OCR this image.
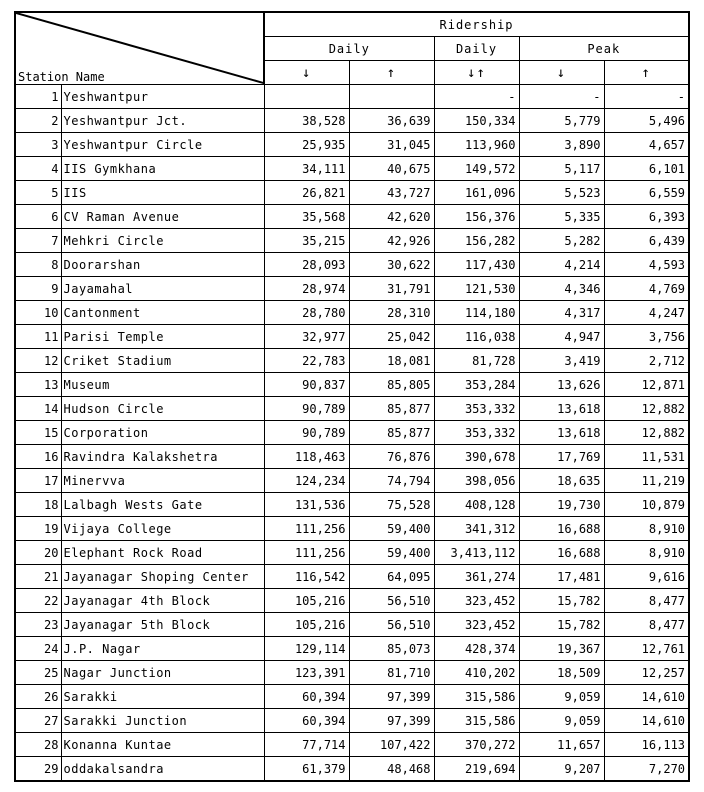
Station Name		Ridership				
		Daily		Daily	Peak	
		↓	↑	↓↑	↓	↑
1	Yeshwantpur			-	-	-
2	Yeshwantpur Jct.	38,528	36,639	150,334	5,779	5,496
3	Yeshwantpur Circle	25,935	31,045	113,960	3,890	4,657
4	IIS Gymkhana	34,111	40,675	149,572	5,117	6,101
5	IIS	26,821	43,727	161,096	5,523	6,559
6	CV Raman Avenue	35,568	42,620	156,376	5,335	6,393
7	Mehkri Circle	35,215	42,926	156,282	5,282	6,439
8	Doorarshan	28,093	30,622	117,430	4,214	4,593
9	Jayamahal	28,974	31,791	121,530	4,346	4,769
10	Cantonment	28,780	28,310	114,180	4,317	4,247
11	Parisi Temple	32,977	25,042	116,038	4,947	3,756
12	Criket Stadium	22,783	18,081	81,728	3,419	2,712
13	Museum	90,837	85,805	353,284	13,626	12,871
14	Hudson Circle	90,789	85,877	353,332	13,618	12,882
15	Corporation	90,789	85,877	353,332	13,618	12,882
16	Ravindra Kalakshetra	118,463	76,876	390,678	17,769	11,531
17	Minervva	124,234	74,794	398,056	18,635	11,219
18	Lalbagh Wests Gate	131,536	75,528	408,128	19,730	10,879
19	Vijaya College	111,256	59,400	341,312	16,688	8,910
20	Elephant Rock Road	111,256	59,400	3,413,112	16,688	8,910
21	Jayanagar Shoping Center	116,542	64,095	361,274	17,481	9,616
22	Jayanagar 4th Block	105,216	56,510	323,452	15,782	8,477
23	Jayanagar 5th Block	105,216	56,510	323,452	15,782	8,477
24	J.P. Nagar	129,114	85,073	428,374	19,367	12,761
25	Nagar Junction	123,391	81,710	410,202	18,509	12,257
26	Sarakki	60,394	97,399	315,586	9,059	14,610
27	Sarakki Junction	60,394	97,399	315,586	9,059	14,610
28	Konanna Kuntae	77,714	107,422	370,272	11,657	16,113
29	oddakalsandra	61,379	48,468	219,694	9,207	7,270
